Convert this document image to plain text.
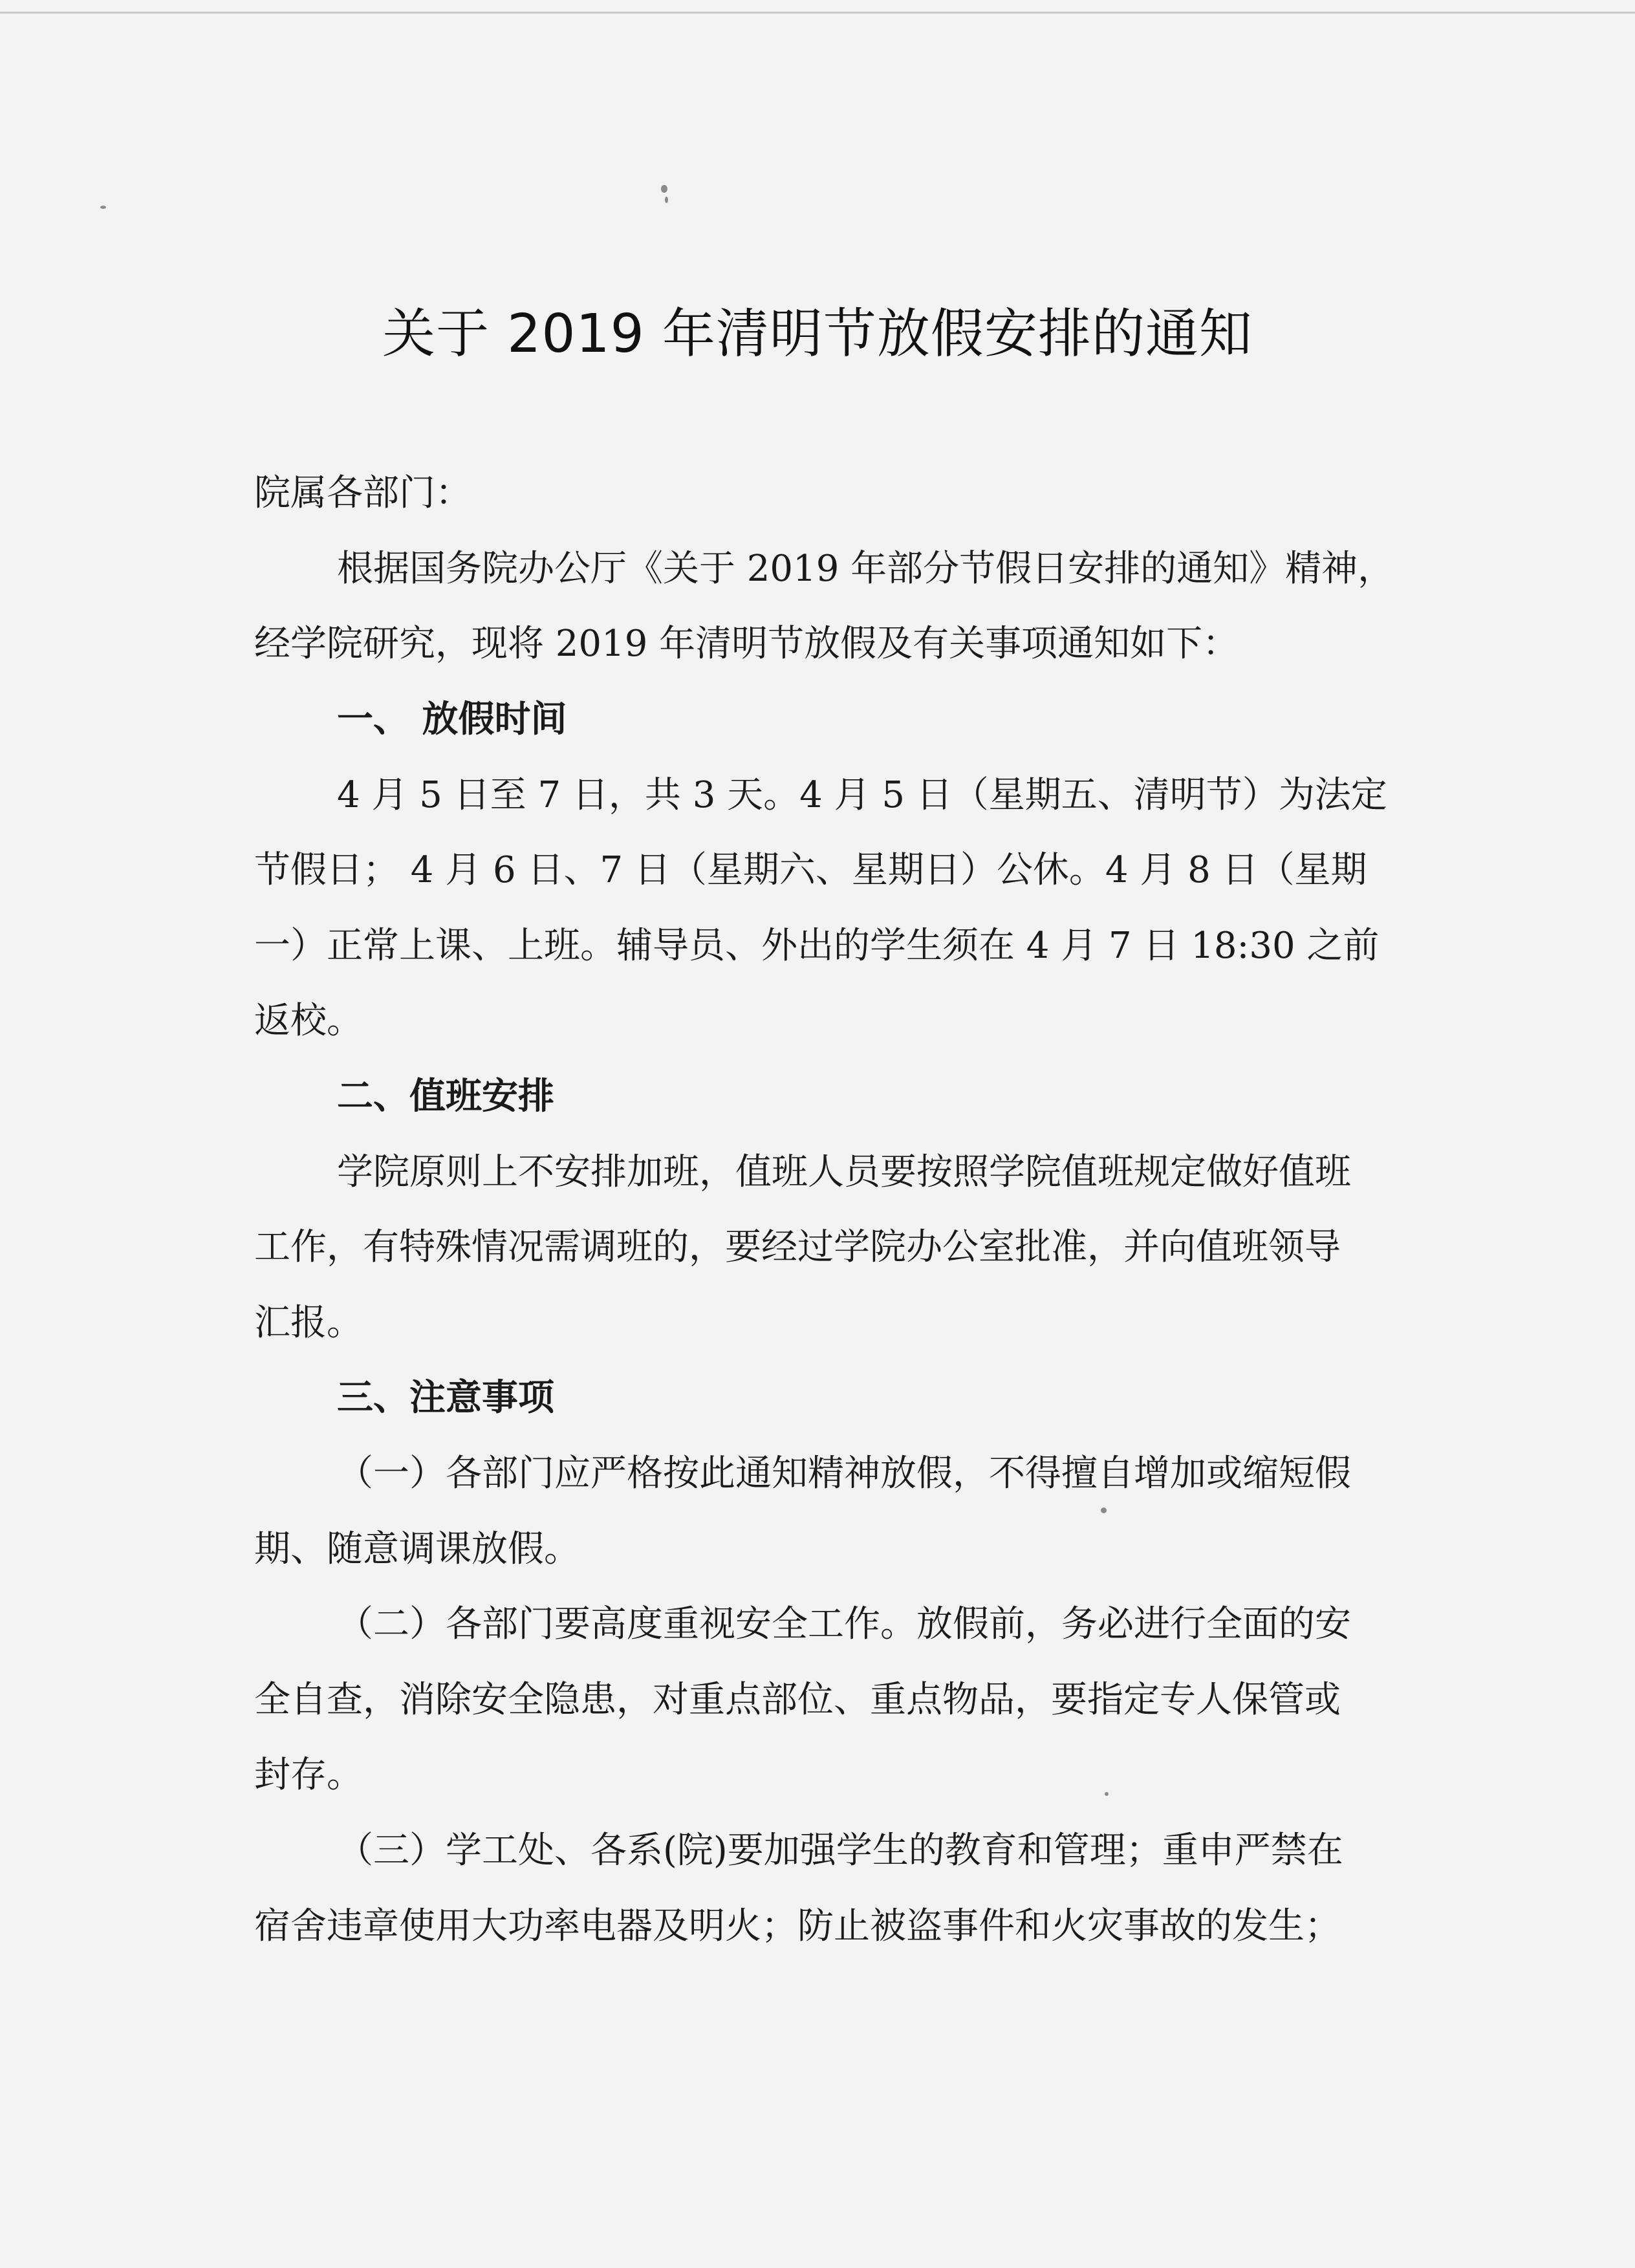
关于 2019 年清明节放假安排的通知

院属各部门：

根据国务院办公厅《关于 2019 年部分节假日安排的通知》精神，

经学院研究，现将 2019 年清明节放假及有关事项通知如下：

一、 放假时间

4 月 5 日至 7 日，共 3 天。4 月 5 日（星期五、清明节）为法定

节假日； 4 月 6 日、7 日（星期六、星期日）公休。4 月 8 日（星期

一）正常上课、上班。辅导员、外出的学生须在 4 月 7 日 18:30 之前

返校。

二、值班安排

学院原则上不安排加班，值班人员要按照学院值班规定做好值班

工作，有特殊情况需调班的，要经过学院办公室批准，并向值班领导

汇报。

三、注意事项

（一）各部门应严格按此通知精神放假，不得擅自增加或缩短假

期、随意调课放假。

（二）各部门要高度重视安全工作。放假前，务必进行全面的安

全自查，消除安全隐患，对重点部位、重点物品，要指定专人保管或

封存。

（三）学工处、各系(院)要加强学生的教育和管理；重申严禁在

宿舍违章使用大功率电器及明火；防止被盗事件和火灾事故的发生；
